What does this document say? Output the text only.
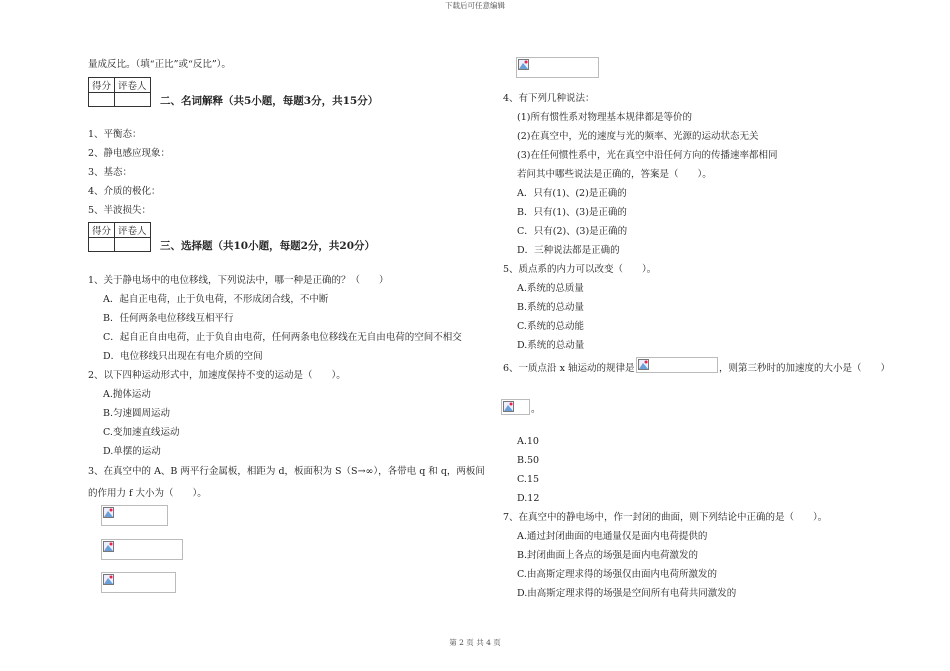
下载后可任意编辑
第 2 页 共 4 页
量成反比。（填“正比”或“反比”）。
得分	评卷人

二、名词解释（共5小题，每题3分，共15分）
1、平衡态：
2、静电感应现象：
3、基态：
4、介质的极化：
5、半波损失：
得分	评卷人

三、选择题（共10小题，每题2分，共20分）
1、关于静电场中的电位移线，下列说法中，哪一种是正确的？（　　）
A．起自正电荷，止于负电荷，不形成闭合线，不中断
B．任何两条电位移线互相平行
C．起自正自由电荷，止于负自由电荷，任何两条电位移线在无自由电荷的空间不相交
D．电位移线只出现在有电介质的空间
2、以下四种运动形式中，加速度保持不变的运动是（　　）。
A.抛体运动
B.匀速圆周运动
C.变加速直线运动
D.单摆的运动
3、在真空中的 A、B 两平行金属板，相距为 d，板面积为 S（S→∞），各带电 q 和 q，两板间
的作用力 f 大小为（　　）。
4、有下列几种说法：
(1)所有惯性系对物理基本规律都是等价的
(2)在真空中，光的速度与光的频率、光源的运动状态无关
(3)在任何惯性系中，光在真空中沿任何方向的传播速率都相同
若问其中哪些说法是正确的，答案是（　　）。
A．只有(1)、(2)是正确的
B．只有(1)、(3)是正确的
C．只有(2)、(3)是正确的
D．三种说法都是正确的
5、质点系的内力可以改变（　　）。
A.系统的总质量
B.系统的总动量
C.系统的总动能
D.系统的总动量
6、一质点沿 x 轴运动的规律是	，则第三秒时的加速度的大小是（　　）
。
A.10
B.50
C.15
D.12
7、在真空中的静电场中，作一封闭的曲面，则下列结论中正确的是（　　）。
A.通过封闭曲面的电通量仅是面内电荷提供的
B.封闭曲面上各点的场强是面内电荷激发的
C.由高斯定理求得的场强仅由面内电荷所激发的
D.由高斯定理求得的场强是空间所有电荷共同激发的
